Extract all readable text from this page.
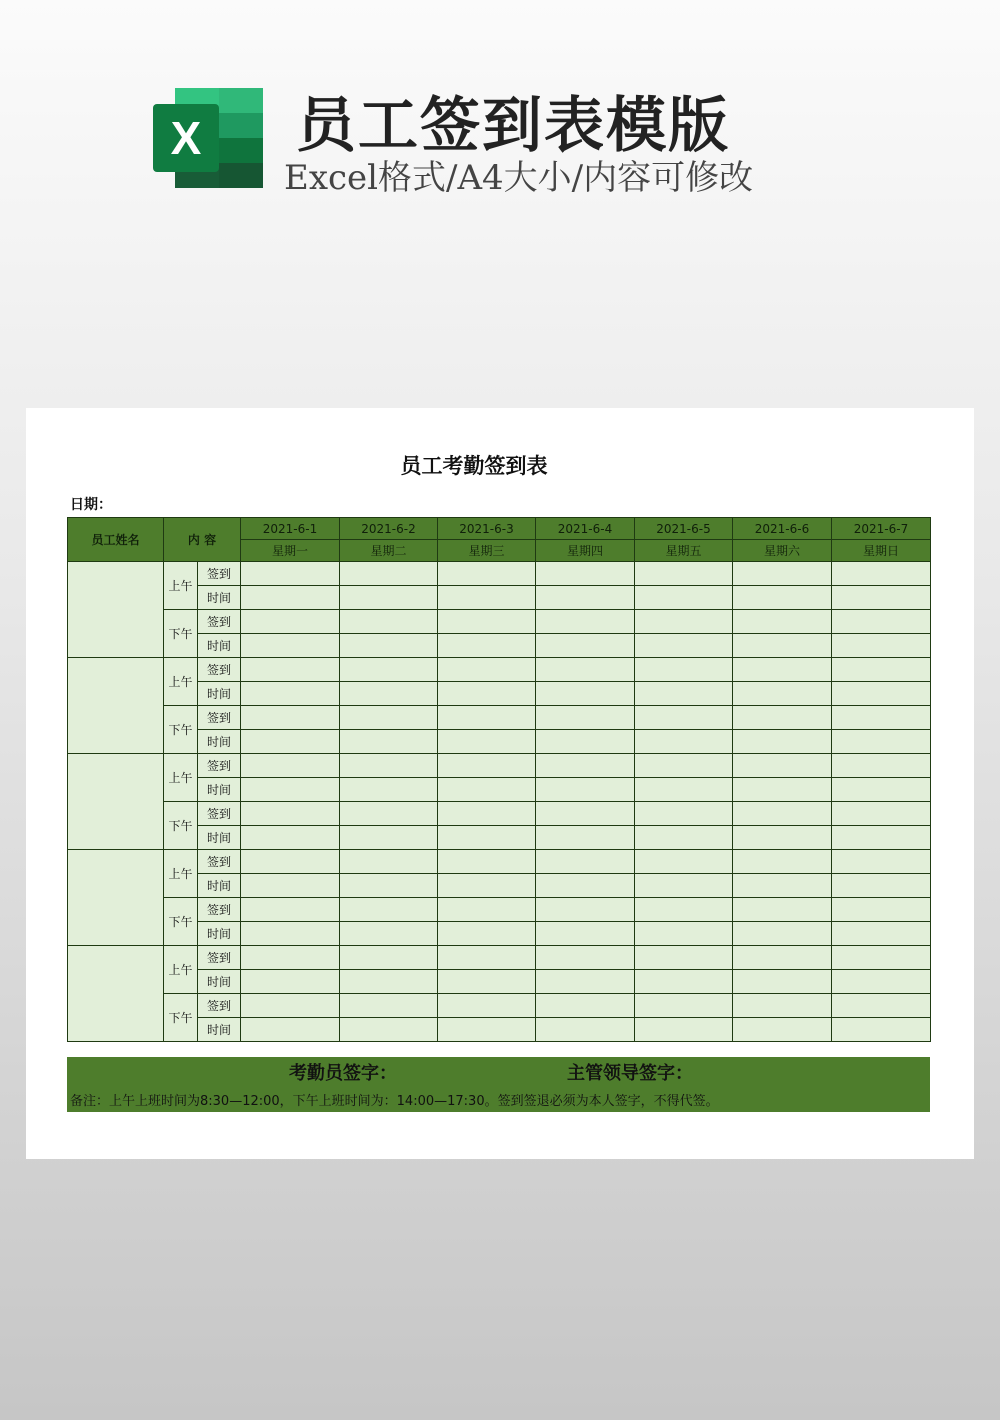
X 员工签到表模版
Excel格式/A4大小/内容可修改
员工考勤签到表
日期：
员工姓名	内 容		2021-6-1	2021-6-2	2021-6-3	2021-6-4	2021-6-5	2021-6-6	2021-6-7
			星期一	星期二	星期三	星期四	星期五	星期六	星期日
	上午	签到							
		时间							
	下午	签到							
		时间							
	上午	签到							
		时间							
	下午	签到							
		时间							
	上午	签到							
		时间							
	下午	签到							
		时间							
	上午	签到							
		时间							
	下午	签到							
		时间							
	上午	签到							
		时间							
	下午	签到							
		时间							
考勤员签字：	主管领导签字：
备注：上午上班时间为8:30—12:00，下午上班时间为：14:00—17:30。签到签退必须为本人签字，不得代签。
